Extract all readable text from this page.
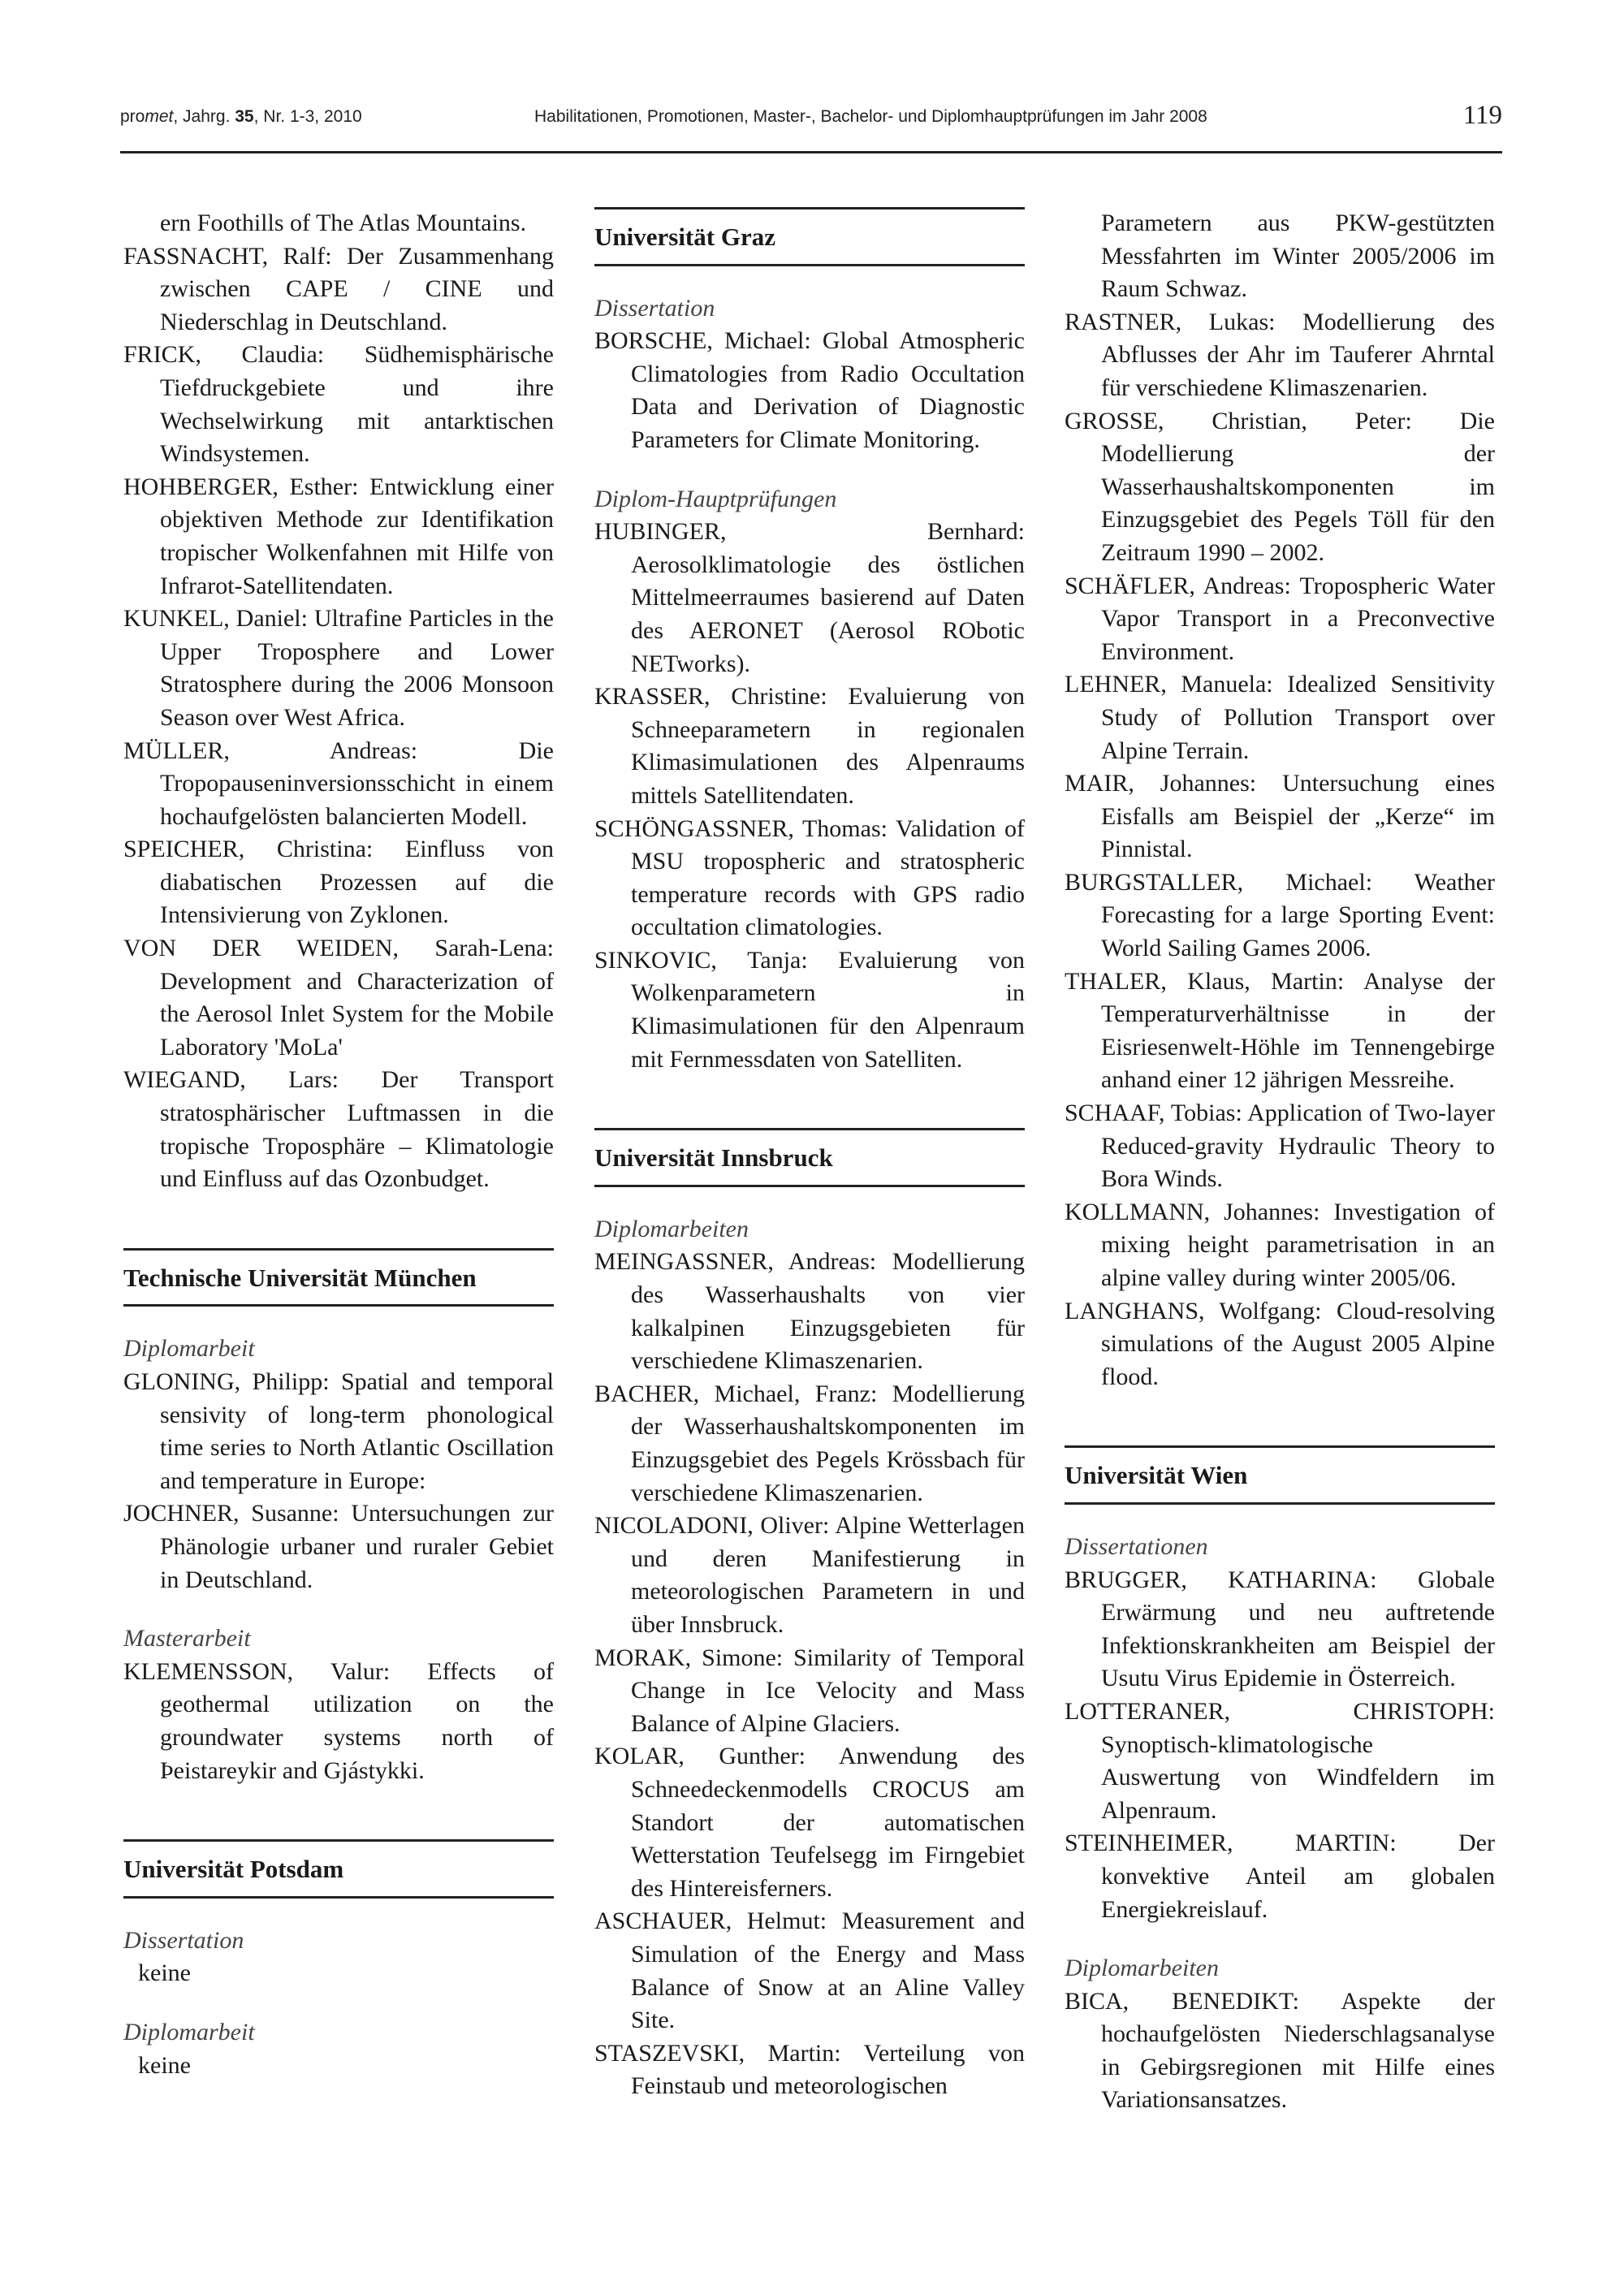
promet, Jahrg. 35, Nr. 1-3, 2010	Habilitationen, Promotionen, Master-, Bachelor- und Diplomhauptprüfungen im Jahr 2008	119

ern Foothills of The Atlas Mountains.

FASSNACHT, Ralf: Der Zusammenhang zwischen CAPE / CINE und Niederschlag in Deutschland.

FRICK, Claudia: Südhemisphärische Tiefdruckgebiete und ihre Wechselwirkung mit antarktischen Windsystemen.

HOHBERGER, Esther: Entwicklung einer objektiven Methode zur Identifikation tropischer Wolkenfahnen mit Hilfe von Infrarot-Satellitendaten.

KUNKEL, Daniel: Ultrafine Particles in the Upper Troposphere and Lower Stratosphere during the 2006 Monsoon Season over West Africa.

MÜLLER, Andreas: Die Tropopauseninversionsschicht in einem hochaufgelösten balancierten Modell.

SPEICHER, Christina: Einfluss von diabatischen Prozessen auf die Intensivierung von Zyklonen.

VON DER WEIDEN, Sarah-Lena: Development and Characterization of the Aerosol Inlet System for the Mobile Laboratory 'MoLa'

WIEGAND, Lars: Der Transport stratosphärischer Luftmassen in die tropische Troposphäre – Klimatologie und Einfluss auf das Ozonbudget.

Technische Universität München

Diplomarbeit

GLONING, Philipp: Spatial and temporal sensivity of long-term phonological time series to North Atlantic Oscillation and temperature in Europe:

JOCHNER, Susanne: Untersuchungen zur Phänologie urbaner und ruraler Gebiet in Deutschland.

Masterarbeit

KLEMENSSON, Valur: Effects of geothermal utilization on the groundwater systems north of Þeistareykir and Gjástykki.

Universität Potsdam

Dissertation

keine

Diplomarbeit

keine

Universität Graz

Dissertation

BORSCHE, Michael: Global Atmospheric Climatologies from Radio Occultation Data and Derivation of Diagnostic Parameters for Climate Monitoring.

Diplom-Hauptprüfungen

HUBINGER, Bernhard: Aerosolklimatologie des östlichen Mittelmeerraumes basierend auf Daten des AERONET (Aerosol RObotic NETworks).

KRASSER, Christine: Evaluierung von Schneeparametern in regionalen Klimasimulationen des Alpenraums mittels Satellitendaten.

SCHÖNGASSNER, Thomas: Validation of MSU tropospheric and stratospheric temperature records with GPS radio occultation climatologies.

SINKOVIC, Tanja: Evaluierung von Wolkenparametern in Klimasimulationen für den Alpenraum mit Fernmessdaten von Satelliten.

Universität Innsbruck

Diplomarbeiten

MEINGASSNER, Andreas: Modellierung des Wasserhaushalts von vier kalkalpinen Einzugsgebieten für verschiedene Klimaszenarien.

BACHER, Michael, Franz: Modellierung der Wasserhaushaltskomponenten im Einzugsgebiet des Pegels Krössbach für verschiedene Klimaszenarien.

NICOLADONI, Oliver: Alpine Wetterlagen und deren Manifestierung in meteorologischen Parametern in und über Innsbruck.

MORAK, Simone: Similarity of Temporal Change in Ice Velocity and Mass Balance of Alpine Glaciers.

KOLAR, Gunther: Anwendung des Schneedeckenmodells CROCUS am Standort der automatischen Wetterstation Teufelsegg im Firngebiet des Hintereisferners.

ASCHAUER, Helmut: Measurement and Simulation of the Energy and Mass Balance of Snow at an Aline Valley Site.

STASZEVSKI, Martin: Verteilung von Feinstaub und meteorologischen

Parametern aus PKW-gestützten Messfahrten im Winter 2005/2006 im Raum Schwaz.

RASTNER, Lukas: Modellierung des Abflusses der Ahr im Tauferer Ahrntal für verschiedene Klimaszenarien.

GROSSE, Christian, Peter: Die Modellierung der Wasserhaushaltskomponenten im Einzugsgebiet des Pegels Töll für den Zeitraum 1990 – 2002.

SCHÄFLER, Andreas: Tropospheric Water Vapor Transport in a Preconvective Environment.

LEHNER, Manuela: Idealized Sensitivity Study of Pollution Transport over Alpine Terrain.

MAIR, Johannes: Untersuchung eines Eisfalls am Beispiel der „Kerze“ im Pinnistal.

BURGSTALLER, Michael: Weather Forecasting for a large Sporting Event: World Sailing Games 2006.

THALER, Klaus, Martin: Analyse der Temperaturverhältnisse in der Eisriesenwelt-Höhle im Tennengebirge anhand einer 12 jährigen Messreihe.

SCHAAF, Tobias: Application of Two-layer Reduced-gravity Hydraulic Theory to Bora Winds.

KOLLMANN, Johannes: Investigation of mixing height parametrisation in an alpine valley during winter 2005/06.

LANGHANS, Wolfgang: Cloud-resolving simulations of the August 2005 Alpine flood.

Universität Wien

Dissertationen

BRUGGER, KATHARINA: Globale Erwärmung und neu auftretende Infektionskrankheiten am Beispiel der Usutu Virus Epidemie in Österreich.

LOTTERANER, CHRISTOPH: Synoptisch-klimatologische Auswertung von Windfeldern im Alpenraum.

STEINHEIMER, MARTIN: Der konvektive Anteil am globalen Energiekreislauf.

Diplomarbeiten

BICA, BENEDIKT: Aspekte der hochaufgelösten Niederschlagsanalyse in Gebirgsregionen mit Hilfe eines Variationsansatzes.
